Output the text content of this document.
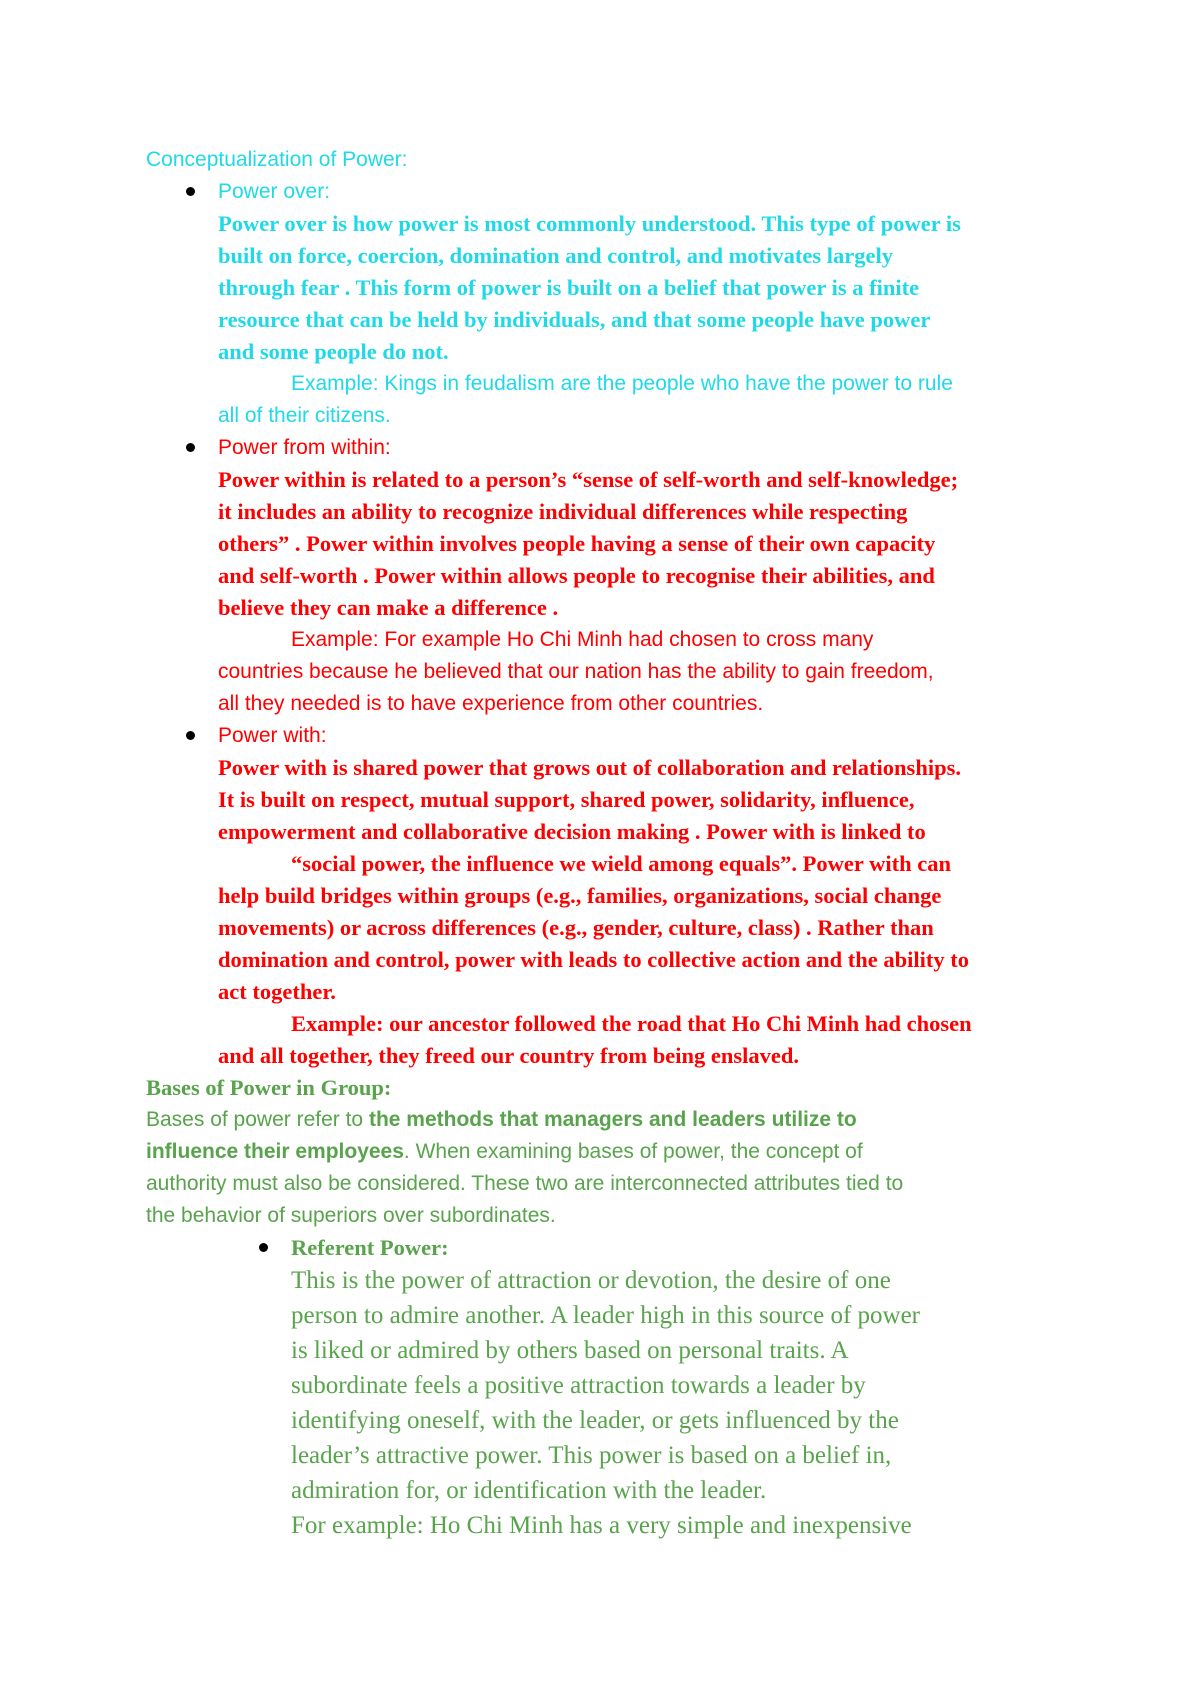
Conceptualization of Power:
Power over:
Power over is how power is most commonly understood. This type of power is
built on force, coercion, domination and control, and motivates largely
through fear . This form of power is built on a belief that power is a finite
resource that can be held by individuals, and that some people have power
and some people do not.
Example: Kings in feudalism are the people who have the power to rule
all of their citizens.
Power from within:
Power within is related to a person’s “sense of self-worth and self-knowledge;
it includes an ability to recognize individual differences while respecting
others” . Power within involves people having a sense of their own capacity
and self-worth . Power within allows people to recognise their abilities, and
believe they can make a difference .
Example: For example Ho Chi Minh had chosen to cross many
countries because he believed that our nation has the ability to gain freedom,
all they needed is to have experience from other countries.
Power with:
Power with is shared power that grows out of collaboration and relationships.
It is built on respect, mutual support, shared power, solidarity, influence,
empowerment and collaborative decision making . Power with is linked to
“social power, the influence we wield among equals”. Power with can
help build bridges within groups (e.g., families, organizations, social change
movements) or across differences (e.g., gender, culture, class) . Rather than
domination and control, power with leads to collective action and the ability to
act together.
Example: our ancestor followed the road that Ho Chi Minh had chosen
and all together, they freed our country from being enslaved.
Bases of Power in Group:
Bases of power refer to the methods that managers and leaders utilize to
influence their employees. When examining bases of power, the concept of
authority must also be considered. These two are interconnected attributes tied to
the behavior of superiors over subordinates.
Referent Power:
This is the power of attraction or devotion, the desire of one
person to admire another. A leader high in this source of power
is liked or admired by others based on personal traits. A
subordinate feels a positive attraction towards a leader by
identifying oneself, with the leader, or gets influenced by the
leader’s attractive power. This power is based on a belief in,
admiration for, or identification with the leader.
For example: Ho Chi Minh has a very simple and inexpensive
